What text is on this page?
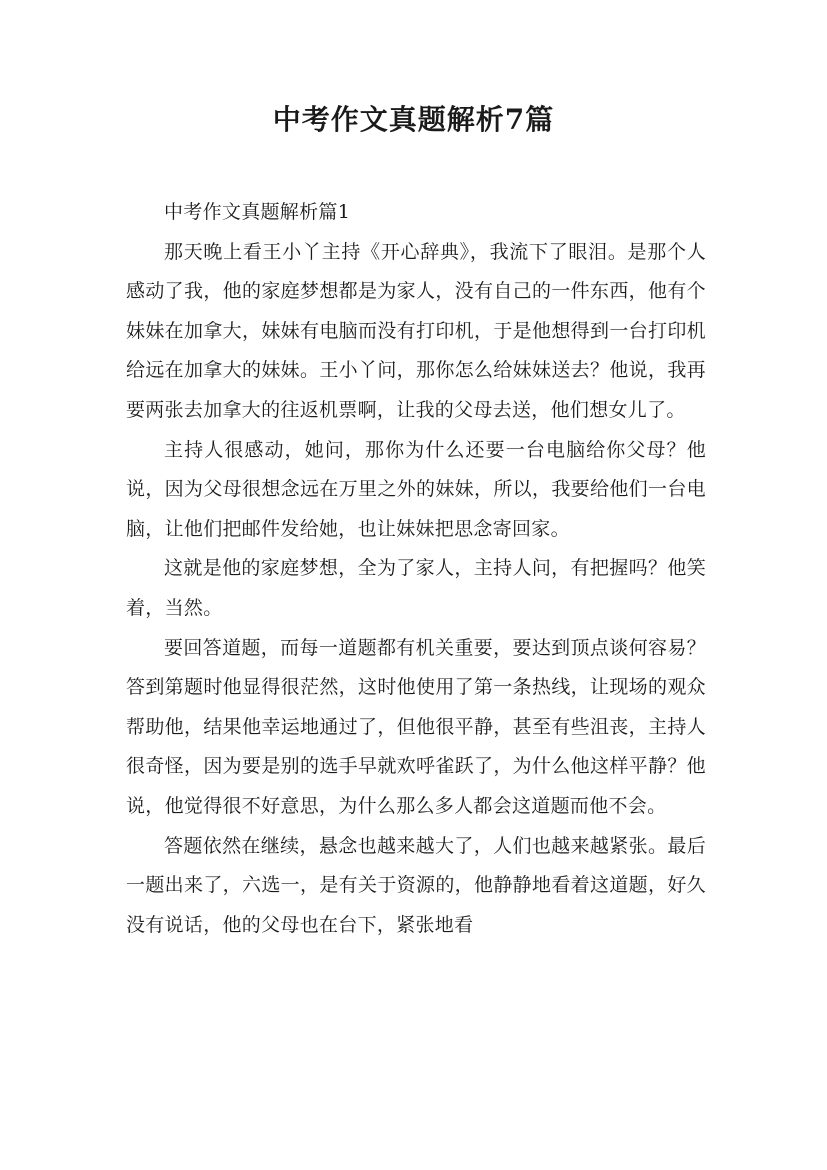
中考作文真题解析7篇

中考作文真题解析篇1

那天晚上看王小丫主持《开心辞典》，我流下了眼泪。是那个人感动了我，他的家庭梦想都是为家人，没有自己的一件东西，他有个妹妹在加拿大，妹妹有电脑而没有打印机，于是他想得到一台打印机给远在加拿大的妹妹。王小丫问，那你怎么给妹妹送去？他说，我再要两张去加拿大的往返机票啊，让我的父母去送，他们想女儿了。

主持人很感动，她问，那你为什么还要一台电脑给你父母？他说，因为父母很想念远在万里之外的妹妹，所以，我要给他们一台电脑，让他们把邮件发给她，也让妹妹把思念寄回家。

这就是他的家庭梦想，全为了家人，主持人问，有把握吗？他笑着，当然。

要回答道题，而每一道题都有机关重要，要达到顶点谈何容易？答到第题时他显得很茫然，这时他使用了第一条热线，让现场的观众帮助他，结果他幸运地通过了，但他很平静，甚至有些沮丧，主持人很奇怪，因为要是别的选手早就欢呼雀跃了，为什么他这样平静？他说，他觉得很不好意思，为什么那么多人都会这道题而他不会。

答题依然在继续，悬念也越来越大了，人们也越来越紧张。最后一题出来了，六选一，是有关于资源的，他静静地看着这道题，好久没有说话，他的父母也在台下，紧张地看
